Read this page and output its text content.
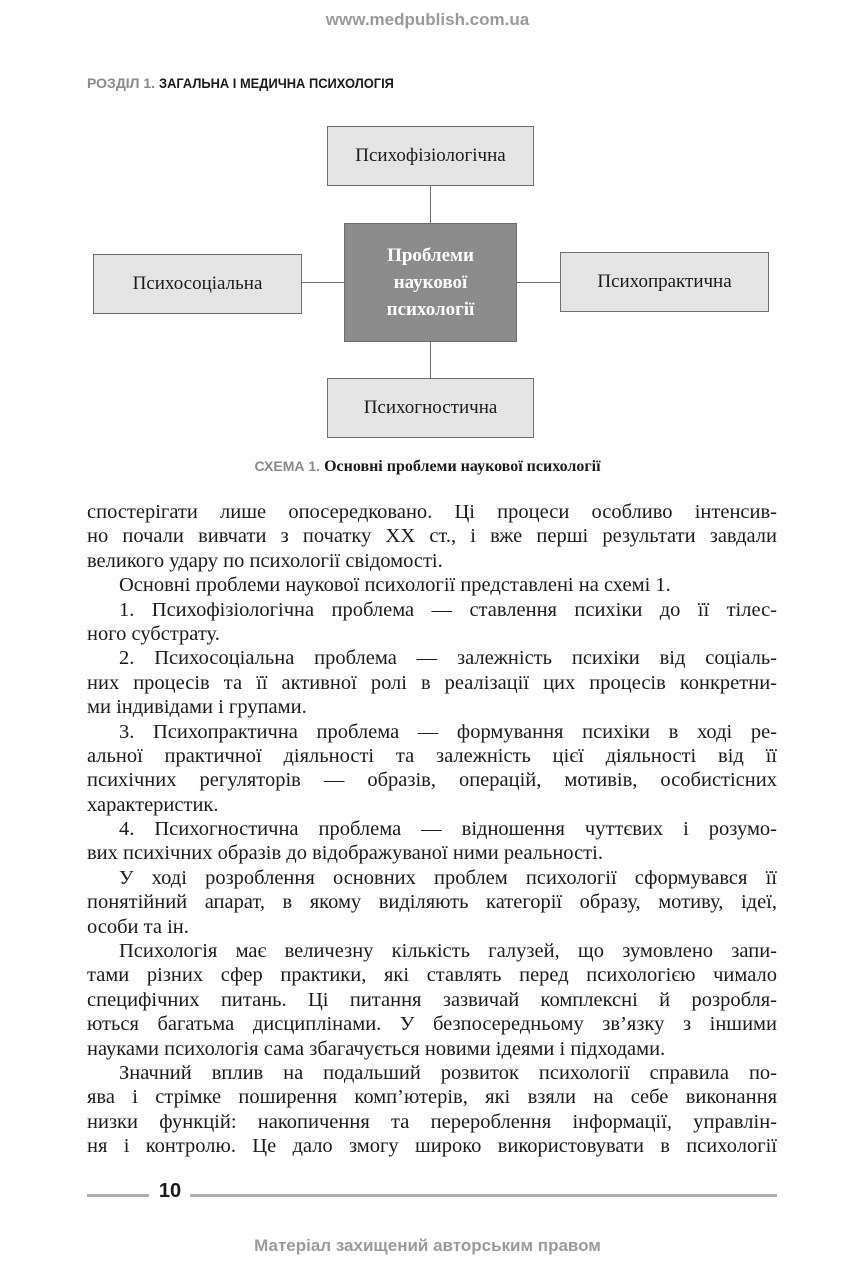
www.medpublish.com.ua
РОЗДІЛ 1. ЗАГАЛЬНА І МЕДИЧНА ПСИХОЛОГІЯ
Психофізіологічна
Психосоціальна	Психопрактична
Психогностична
Проблеми
наукової
психології
СХЕМА 1. Основні проблеми наукової психології
спостерігати лише опосередковано. Ці процеси особливо інтенсив-
но почали вивчати з початку XX ст., і вже перші результати завдали
великого удару по психології свідомості.
Основні проблеми наукової психології представлені на схемі 1.
1. Психофізіологічна проблема — ставлення психіки до її тілес-
ного субстрату.
2. Психосоціальна проблема — залежність психіки від соціаль-
них процесів та її активної ролі в реалізації цих процесів конкретни-
ми індивідами і групами.
3. Психопрактична проблема — формування психіки в ході ре-
альної практичної діяльності та залежність цієї діяльності від її
психічних регуляторів — образів, операцій, мотивів, особистісних
характеристик.
4. Психогностична проблема — відношення чуттєвих і розумо-
вих психічних образів до відображуваної ними реальності.
У ході розроблення основних проблем психології сформувався її
понятійний апарат, в якому виділяють категорії образу, мотиву, ідеї,
особи та ін.
Психологія має величезну кількість галузей, що зумовлено запи-
тами різних сфер практики, які ставлять перед психологією чимало
специфічних питань. Ці питання зазвичай комплексні й розробля-
ються багатьма дисциплінами. У безпосередньому зв’язку з іншими
науками психологія сама збагачується новими ідеями і підходами.
Значний вплив на подальший розвиток психології справила по-
ява і стрімке поширення комп’ютерів, які взяли на себе виконання
низки функцій: накопичення та перероблення інформації, управлін-
ня і контролю. Це дало змогу широко використовувати в психології
10
Матеріал захищений авторським правом
